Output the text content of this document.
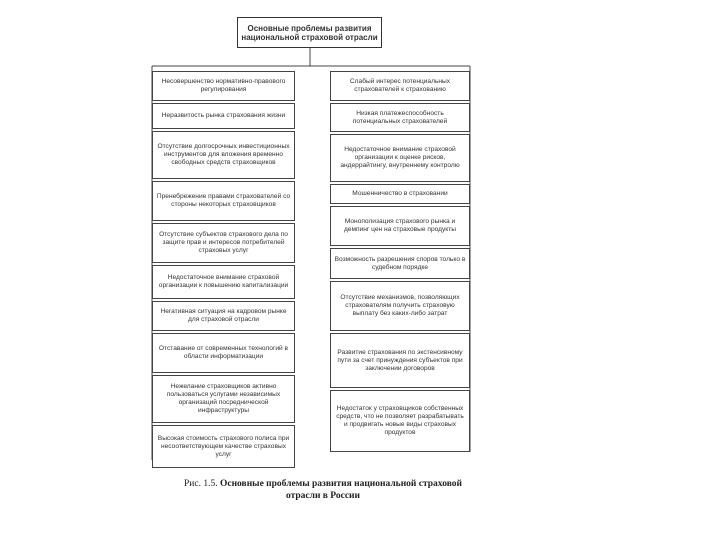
Основные проблемы развития национальной страховой отрасли
Несовершенство нормативно-правового регулирования
Неразвитость рынка страхования жизни
Отсутствие долгосрочных инвестиционных инструментов для вложения временно свободных средств страховщиков
Пренебрежение правами страхователей со стороны некоторых страховщиков
Отсутствие субъектов страхового дела по защите прав и интересов потребителей страховых услуг
Недостаточное внимание страховой организации к повышению капитализации
Негативная ситуация на кадровом рынке для страховой отрасли
Отставание от современных технологий в области информатизации
Нежелание страховщиков активно пользоваться услугами независимых организаций посреднической инфраструктуры
Высокая стоимость страхового полиса при несоответствующем качестве страховых услуг
Слабый интерес потенциальных страхователей к страхованию
Низкая платежеспособность потенциальных страхователей
Недостаточное внимание страховой организации к оценке рисков, андеррайтингу, внутреннему контролю
Мошенничество в страховании
Монополизация страхового рынка и демпинг цен на страховые продукты
Возможность разрешения споров только в судебном порядке
Отсутствие механизмов, позволяющих страхователям получить страховую выплату без каких-либо затрат
Развитие страхования по экстенсивному пути за счет принуждения субъектов при заключении договоров
Недостаток у страховщиков собственных средств, что не позволяет разрабатывать и продвигать новые виды страховых продуктов
Рис. 1.5. Основные проблемы развития национальной страховой отрасли в России
